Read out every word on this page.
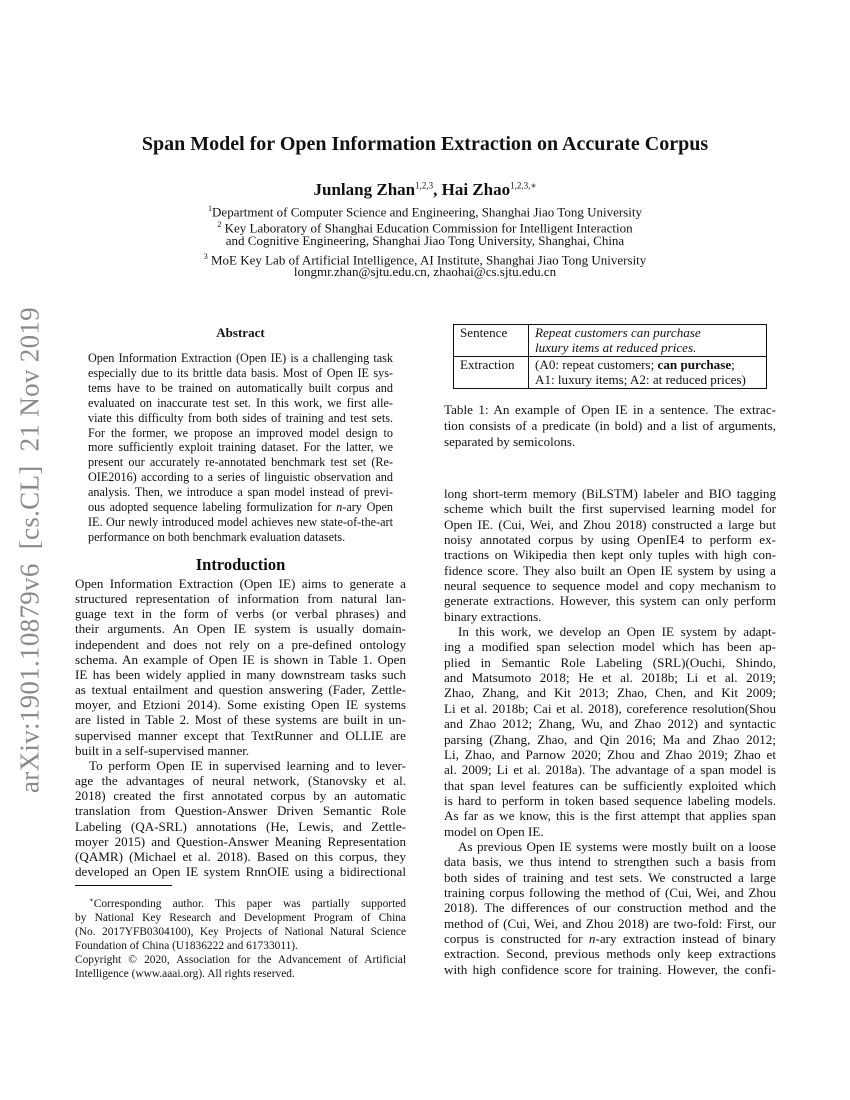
arXiv:1901.10879v6  [cs.CL]  21 Nov 2019
Span Model for Open Information Extraction on Accurate Corpus
Junlang Zhan$^{1,2,3}$, Hai Zhao$^{1,2,3,∗}$
$^1$Department of Computer Science and Engineering, Shanghai Jiao Tong University
$^2$ Key Laboratory of Shanghai Education Commission for Intelligent Interaction
and Cognitive Engineering, Shanghai Jiao Tong University, Shanghai, China
$^3$ MoE Key Lab of Artificial Intelligence, AI Institute, Shanghai Jiao Tong University
longmr.zhan@sjtu.edu.cn, zhaohai@cs.sjtu.edu.cn
Abstract
Open Information Extraction (Open IE) is a challenging task
especially due to its brittle data basis. Most of Open IE sys-
tems have to be trained on automatically built corpus and
evaluated on inaccurate test set. In this work, we first alle-
viate this difficulty from both sides of training and test sets.
For the former, we propose an improved model design to
more sufficiently exploit training dataset. For the latter, we
present our accurately re-annotated benchmark test set (Re-
OIE2016) according to a series of linguistic observation and
analysis. Then, we introduce a span model instead of previ-
ous adopted sequence labeling formulization for n-ary Open
IE. Our newly introduced model achieves new state-of-the-art
performance on both benchmark evaluation datasets.
Introduction
Open Information Extraction (Open IE) aims to generate a
structured representation of information from natural lan-
guage text in the form of verbs (or verbal phrases) and
their arguments. An Open IE system is usually domain-
independent and does not rely on a pre-defined ontology
schema. An example of Open IE is shown in Table 1. Open
IE has been widely applied in many downstream tasks such
as textual entailment and question answering (Fader, Zettle-
moyer, and Etzioni 2014). Some existing Open IE systems
are listed in Table 2. Most of these systems are built in un-
supervised manner except that TextRunner and OLLIE are
built in a self-supervised manner.
To perform Open IE in supervised learning and to lever-
age the advantages of neural network, (Stanovsky et al.
2018) created the first annotated corpus by an automatic
translation from Question-Answer Driven Semantic Role
Labeling (QA-SRL) annotations (He, Lewis, and Zettle-
moyer 2015) and Question-Answer Meaning Representation
(QAMR) (Michael et al. 2018). Based on this corpus, they
developed an Open IE system RnnOIE using a bidirectional
∗Corresponding author. This paper was partially supported
by National Key Research and Development Program of China
(No. 2017YFB0304100), Key Projects of National Natural Science
Foundation of China (U1836222 and 61733011).
Copyright © 2020, Association for the Advancement of Artificial
Intelligence (www.aaai.org). All rights reserved.
Sentence	Repeat customers can purchase
luxury items at reduced prices.

Extraction	(A0: repeat customers; can purchase;
A1: luxury items; A2: at reduced prices)
Table 1: An example of Open IE in a sentence. The extrac-
tion consists of a predicate (in bold) and a list of arguments,
separated by semicolons.
long short-term memory (BiLSTM) labeler and BIO tagging
scheme which built the first supervised learning model for
Open IE. (Cui, Wei, and Zhou 2018) constructed a large but
noisy annotated corpus by using OpenIE4 to perform ex-
tractions on Wikipedia then kept only tuples with high con-
fidence score. They also built an Open IE system by using a
neural sequence to sequence model and copy mechanism to
generate extractions. However, this system can only perform
binary extractions.
In this work, we develop an Open IE system by adapt-
ing a modified span selection model which has been ap-
plied in Semantic Role Labeling (SRL)(Ouchi, Shindo,
and Matsumoto 2018; He et al. 2018b; Li et al. 2019;
Zhao, Zhang, and Kit 2013; Zhao, Chen, and Kit 2009;
Li et al. 2018b; Cai et al. 2018), coreference resolution(Shou
and Zhao 2012; Zhang, Wu, and Zhao 2012) and syntactic
parsing (Zhang, Zhao, and Qin 2016; Ma and Zhao 2012;
Li, Zhao, and Parnow 2020; Zhou and Zhao 2019; Zhao et
al. 2009; Li et al. 2018a). The advantage of a span model is
that span level features can be sufficiently exploited which
is hard to perform in token based sequence labeling models.
As far as we know, this is the first attempt that applies span
model on Open IE.
As previous Open IE systems were mostly built on a loose
data basis, we thus intend to strengthen such a basis from
both sides of training and test sets. We constructed a large
training corpus following the method of (Cui, Wei, and Zhou
2018). The differences of our construction method and the
method of (Cui, Wei, and Zhou 2018) are two-fold: First, our
corpus is constructed for n-ary extraction instead of binary
extraction. Second, previous methods only keep extractions
with high confidence score for training. However, the confi-
